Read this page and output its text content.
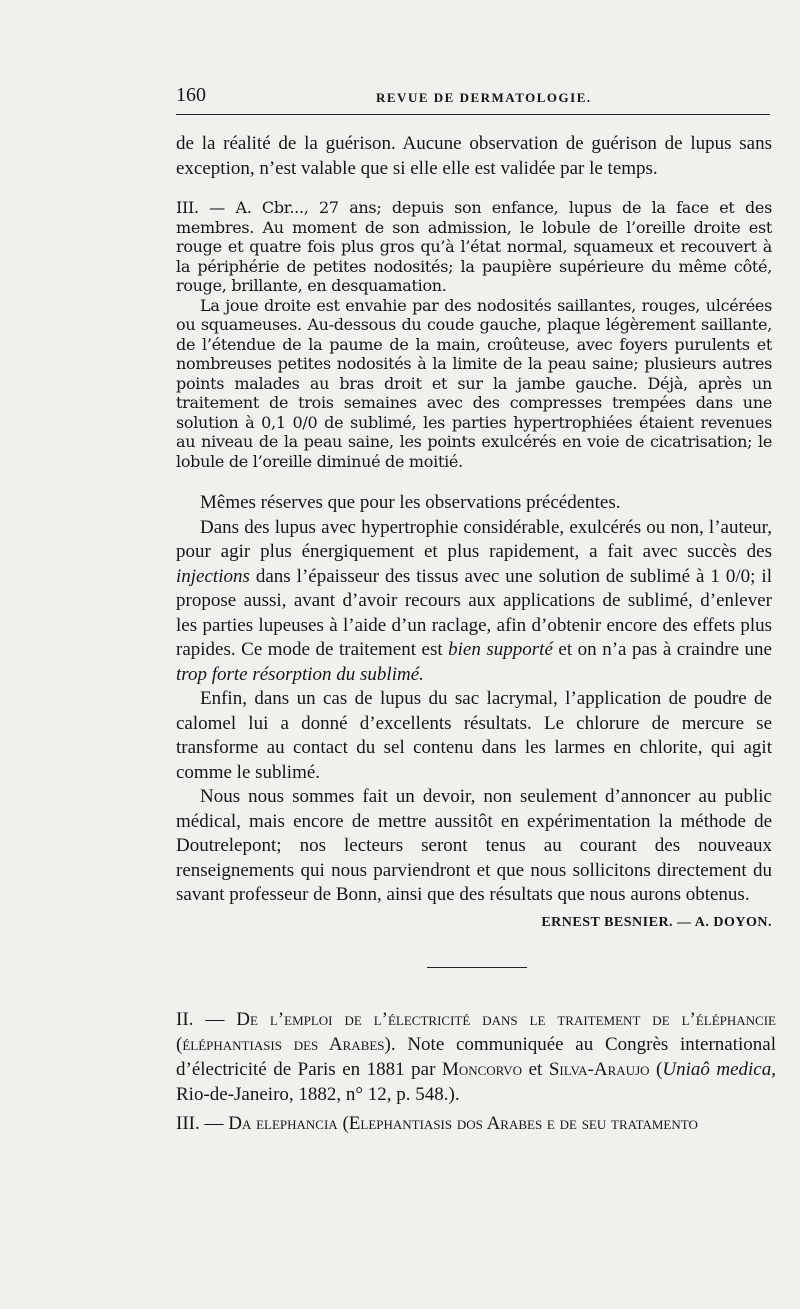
160	REVUE DE DERMATOLOGIE.

de la réalité de la guérison. Aucune observation de guérison de lupus sans exception, n’est valable que si elle elle est validée par le temps.

III. — A. Cbr..., 27 ans; depuis son enfance, lupus de la face et des membres. Au moment de son admission, le lobule de l’oreille droite est rouge et quatre fois plus gros qu’à l’état normal, squameux et recouvert à la périphérie de petites nodosités; la paupière supérieure du même côté, rouge, brillante, en desquamation.

La joue droite est envahie par des nodosités saillantes, rouges, ulcérées ou squameuses. Au-dessous du coude gauche, plaque légèrement saillante, de l’étendue de la paume de la main, croûteuse, avec foyers purulents et nombreuses petites nodosités à la limite de la peau saine; plusieurs autres points malades au bras droit et sur la jambe gauche. Déjà, après un traitement de trois semaines avec des compresses trempées dans une solution à 0,1 0/0 de sublimé, les parties hypertrophiées étaient revenues au niveau de la peau saine, les points exulcérés en voie de cicatrisation; le lobule de l’oreille diminué de moitié.

Mêmes réserves que pour les observations précédentes.

Dans des lupus avec hypertrophie considérable, exulcérés ou non, l’auteur, pour agir plus énergiquement et plus rapidement, a fait avec succès des injections dans l’épaisseur des tissus avec une solution de sublimé à 1 0/0; il propose aussi, avant d’avoir recours aux applications de sublimé, d’enlever les parties lupeuses à l’aide d’un raclage, afin d’obtenir encore des effets plus rapides. Ce mode de traitement est bien supporté et on n’a pas à craindre une trop forte résorption du sublimé.

Enfin, dans un cas de lupus du sac lacrymal, l’application de poudre de calomel lui a donné d’excellents résultats. Le chlorure de mercure se transforme au contact du sel contenu dans les larmes en chlorite, qui agit comme le sublimé.

Nous nous sommes fait un devoir, non seulement d’annoncer au public médical, mais encore de mettre aussitôt en expérimentation la méthode de Doutrelepont; nos lecteurs seront tenus au courant des nouveaux renseignements qui nous parviendront et que nous sollicitons directement du savant professeur de Bonn, ainsi que des résultats que nous aurons obtenus.

ERNEST BESNIER. — A. DOYON.

II. — De l’emploi de l’électricité dans le traitement de l’éléphancie (éléphantiasis des Arabes). Note communiquée au Congrès international d’électricité de Paris en 1881 par Moncorvo et Silva-Araujo (Uniaô medica, Rio-de-Janeiro, 1882, n° 12, p. 548.).

III. — Da elephancia (Elephantiasis dos Arabes e de seu tratamento
